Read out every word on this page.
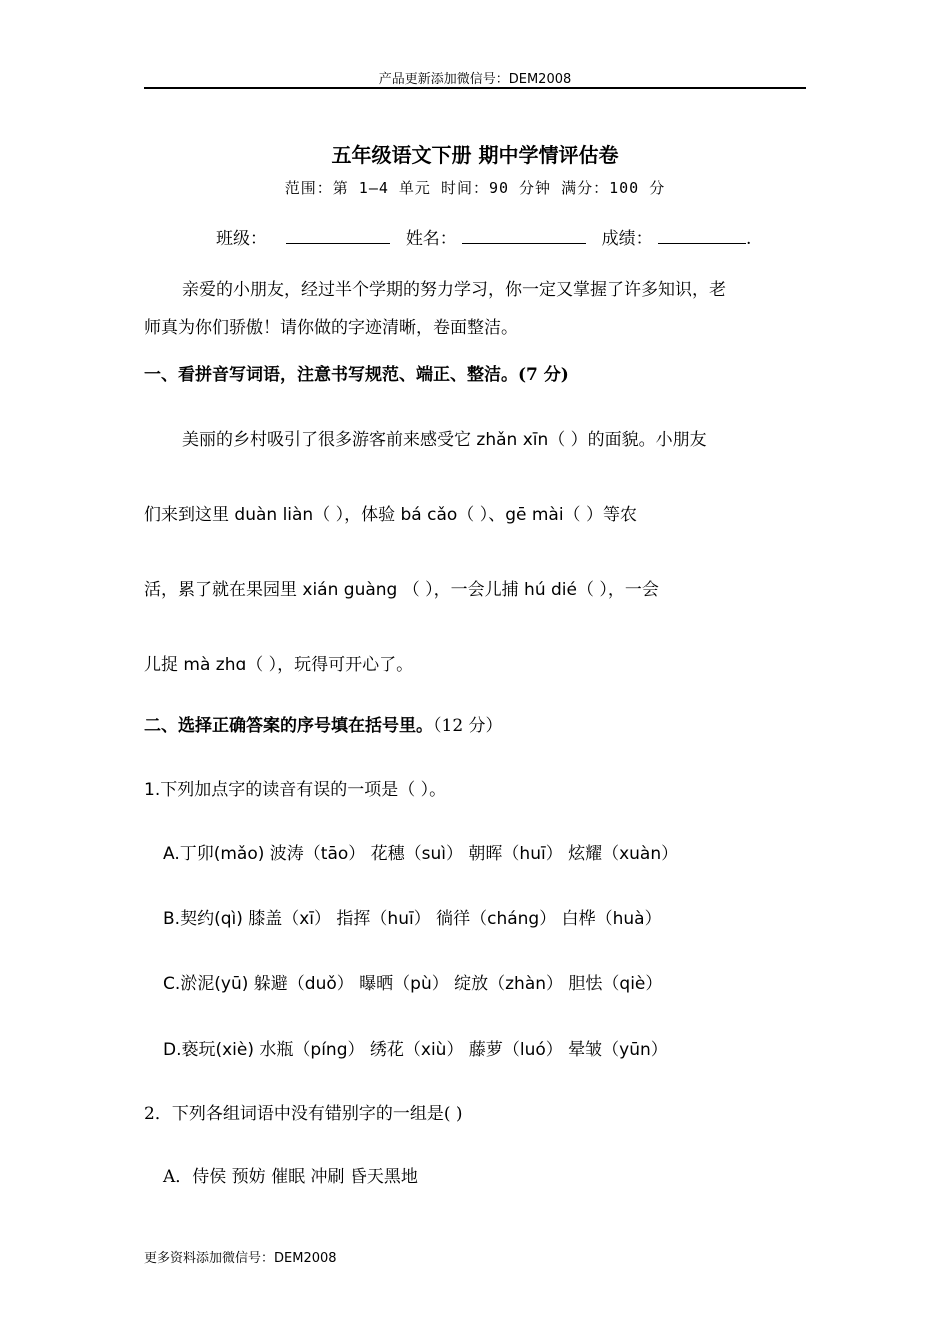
产品更新添加微信号：DEM2008
五年级语文下册 期中学情评估卷
范围：第 1—4 单元 时间：90 分钟 满分：100 分
班级：	姓名：	成绩：	.
亲爱的小朋友，经过半个学期的努力学习，你一定又掌握了许多知识，老
师真为你们骄傲！请你做的字迹清晰，卷面整洁。
一、看拼音写词语，注意书写规范、端正、整洁。(7 分)
美丽的乡村吸引了很多游客前来感受它 zhǎn xīn（ ）的面貌。小朋友
们来到这里 duàn liàn（ ），体验 bá cǎo（ ）、gē mài（ ）等农
活，累了就在果园里 xián guàng （ ），一会儿捕 hú dié（ ），一会
儿捉 mà zhɑ（ ），玩得可开心了。
二、选择正确答案的序号填在括号里。（12 分）
1.下列加点字的读音有误的一项是（ ）。
A.丁卯(mǎo) 波涛（tāo） 花穗（suì） 朝晖（huī） 炫耀（xuàn）
B.契约(qì) 膝盖（xī） 指挥（huī） 徜徉（cháng） 白桦（huà）
C.淤泥(yū) 躲避（duǒ） 曝晒（pù） 绽放（zhàn） 胆怯（qiè）
D.亵玩(xiè) 水瓶（píng） 绣花（xiù） 藤萝（luó） 晕皱（yūn）
2．下列各组词语中没有错别字的一组是( )
A．侍侯 预妨 催眠 冲刷 昏天黑地
更多资料添加微信号：DEM2008
